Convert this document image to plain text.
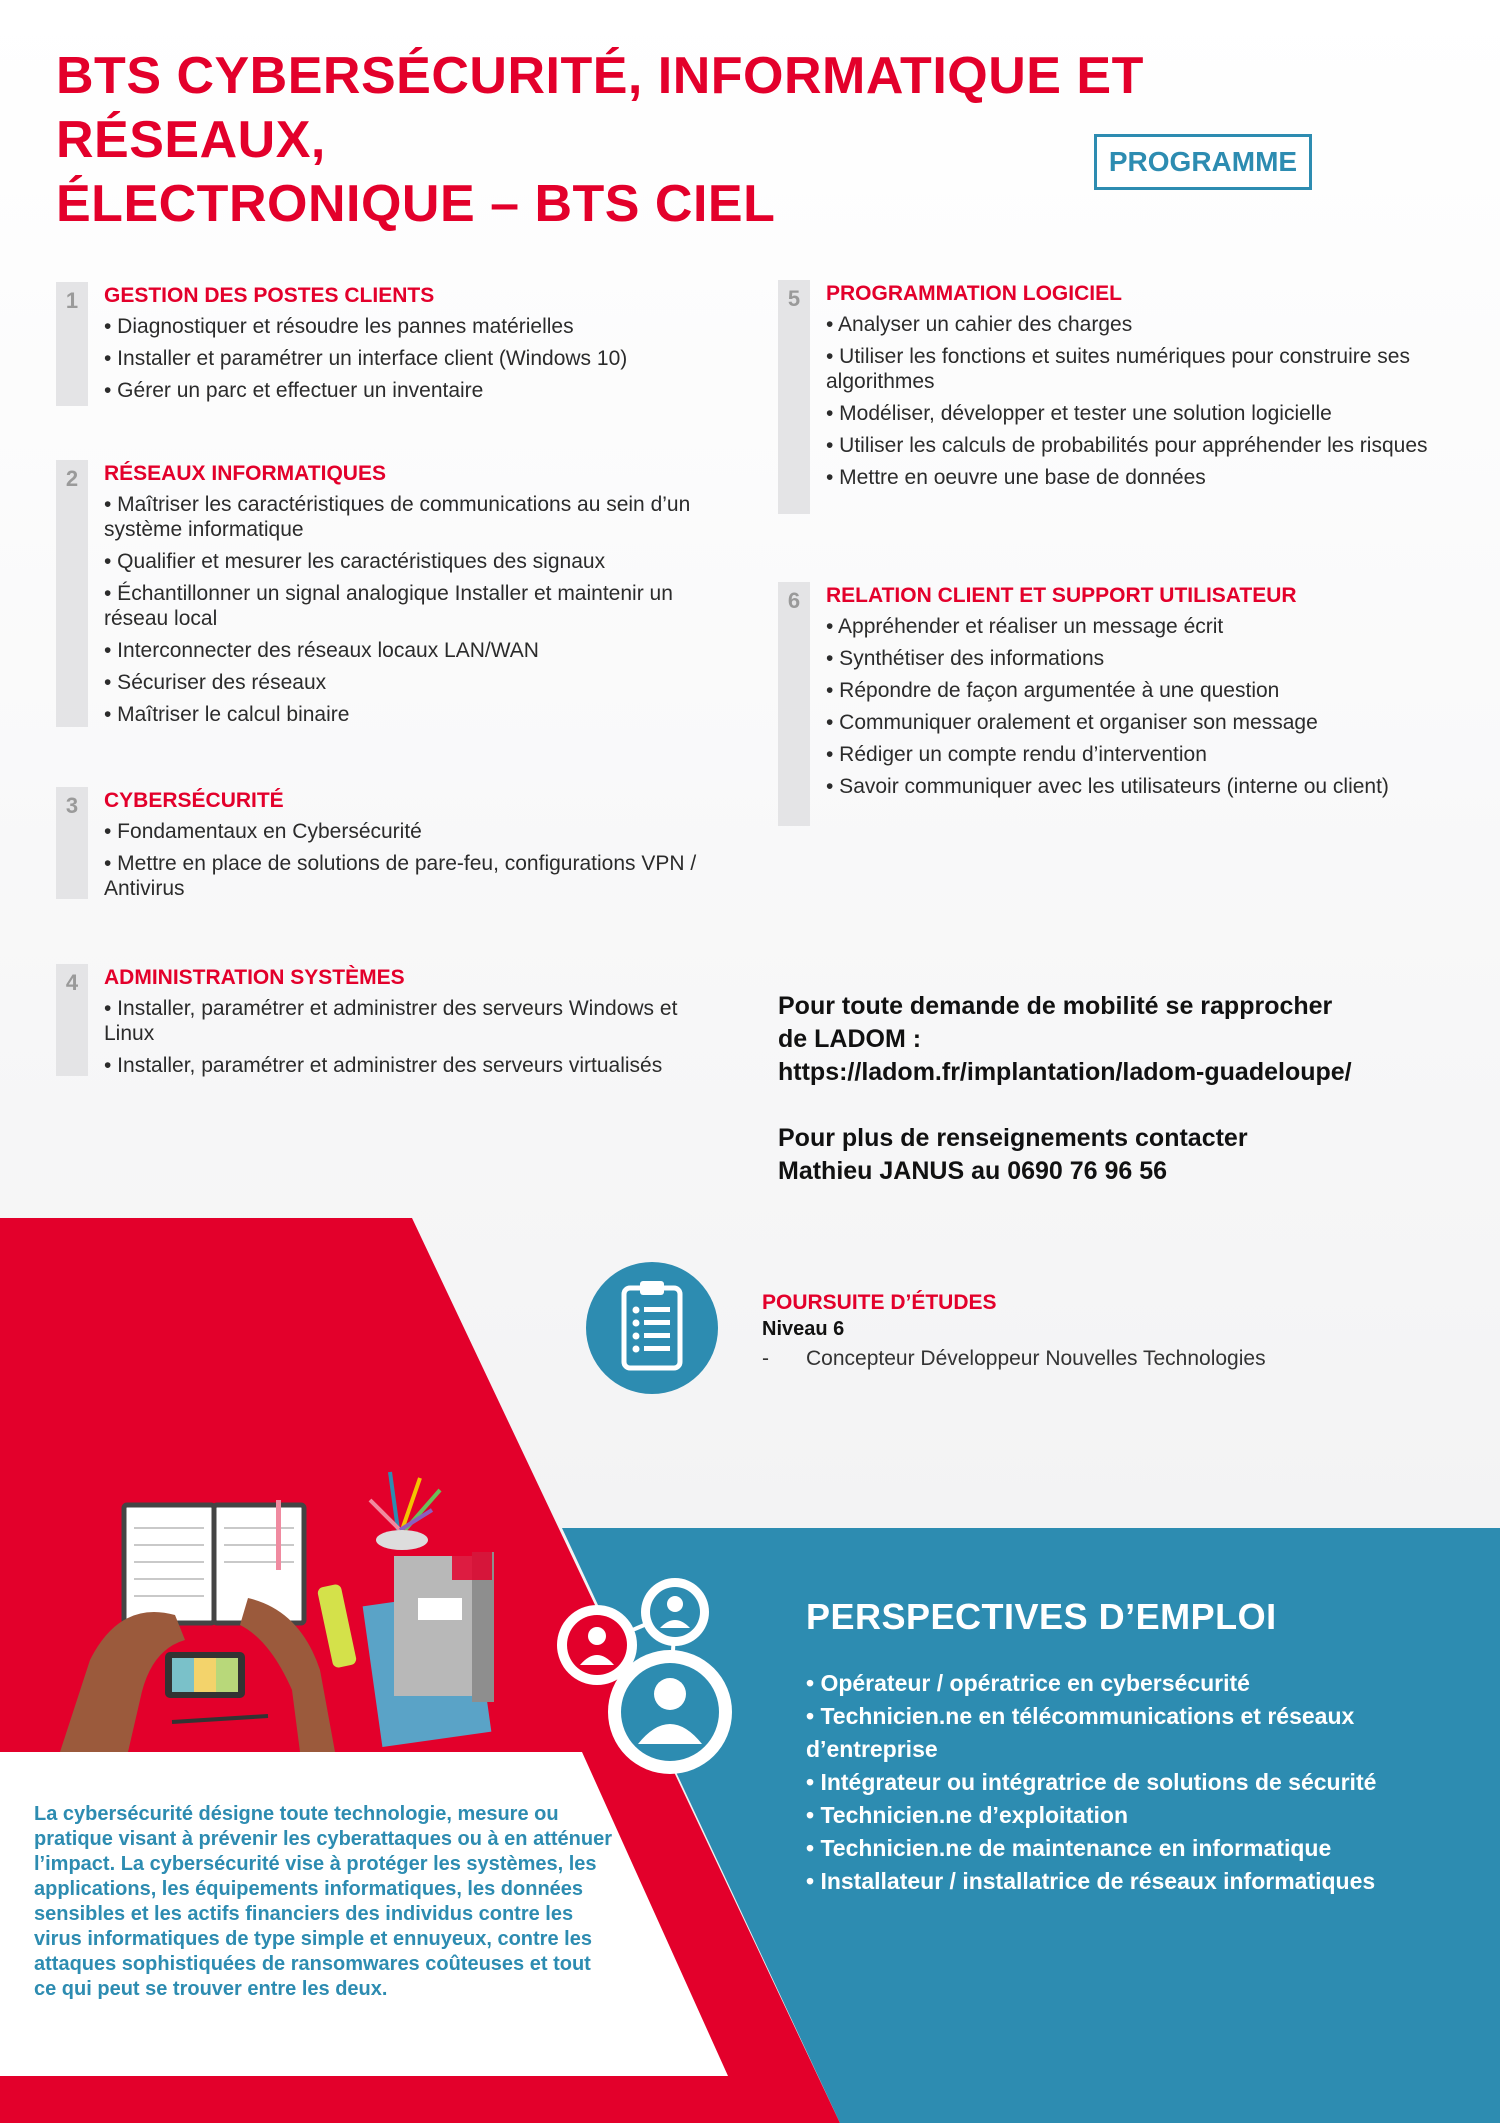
BTS CYBERSÉCURITÉ, INFORMATIQUE ET RÉSEAUX,
ÉLECTRONIQUE – BTS CIEL
PROGRAMME
1	GESTION DES POSTES CLIENTS
• Diagnostiquer et résoudre les pannes matérielles
• Installer et paramétrer un interface client (Windows 10)
• Gérer un parc et effectuer un inventaire
2	RÉSEAUX INFORMATIQUES
• Maîtriser les caractéristiques de communications au sein d’un système informatique
• Qualifier et mesurer les caractéristiques des signaux
• Échantillonner un signal analogique Installer et maintenir un réseau local
• Interconnecter des réseaux locaux LAN/WAN
• Sécuriser des réseaux
• Maîtriser le calcul binaire
3	CYBERSÉCURITÉ
• Fondamentaux en Cybersécurité
• Mettre en place de solutions de pare-feu, configurations VPN / Antivirus
4	ADMINISTRATION SYSTÈMES
• Installer, paramétrer et administrer des serveurs Windows et Linux
• Installer, paramétrer et administrer des serveurs virtualisés
5	PROGRAMMATION LOGICIEL
• Analyser un cahier des charges
• Utiliser les fonctions et suites numériques pour construire ses algorithmes
• Modéliser, développer et tester une solution logicielle
• Utiliser les calculs de probabilités pour appréhender les risques
• Mettre en oeuvre une base de données
6	RELATION CLIENT ET SUPPORT UTILISATEUR
• Appréhender et réaliser un message écrit
• Synthétiser des informations
• Répondre de façon argumentée à une question
• Communiquer oralement et organiser son message
• Rédiger un compte rendu d’intervention
• Savoir communiquer avec les utilisateurs (interne ou client)

Pour toute demande de mobilité se rapprocher

de LADOM :

https://ladom.fr/implantation/ladom-guadeloupe/

Pour plus de renseignements contacter

Mathieu JANUS au 0690 76 96 56

POURSUITE D’ÉTUDES
Niveau 6
- Concepteur Développeur Nouvelles Technologies
PERSPECTIVES D’EMPLOI
• Opérateur / opératrice en cybersécurité
• Technicien.ne en télécommunications et réseaux d’entreprise
• Intégrateur ou intégratrice de solutions de sécurité
• Technicien.ne d’exploitation
• Technicien.ne de maintenance en informatique
• Installateur / installatrice de réseaux informatiques

La cybersécurité désigne toute technologie, mesure ou pratique visant à prévenir les cyberattaques ou à en atténuer l’impact. La cybersécurité vise à protéger les systèmes, les applications, les équipements informatiques, les données sensibles et les actifs financiers des individus contre les virus informatiques de type simple et ennuyeux, contre les attaques sophistiquées de ransomwares coûteuses et tout ce qui peut se trouver entre les deux.
